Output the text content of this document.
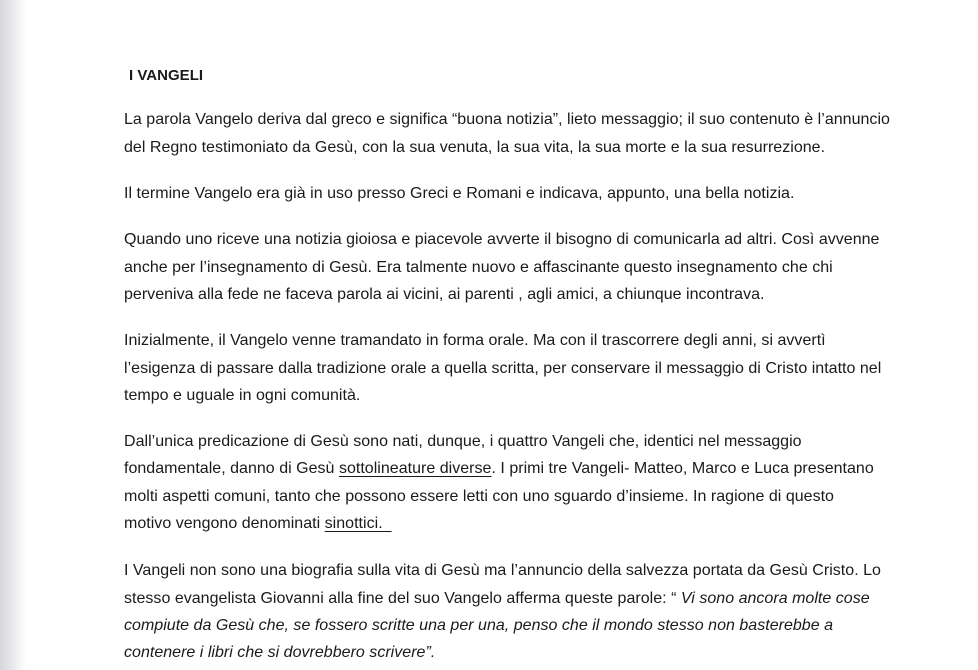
I VANGELI
La parola Vangelo deriva dal greco e significa “buona notizia”, lieto messaggio; il suo contenuto è l’annuncio
del Regno testimoniato da Gesù, con la sua venuta, la sua vita, la sua morte e la sua resurrezione.
Il termine Vangelo era già in uso presso Greci e Romani e indicava, appunto, una bella notizia.
Quando uno riceve una notizia gioiosa e piacevole avverte il bisogno di comunicarla ad altri. Così avvenne
anche per l’insegnamento di Gesù. Era talmente nuovo e affascinante questo insegnamento che chi
perveniva alla fede ne faceva parola ai vicini, ai parenti , agli amici, a chiunque incontrava.
Inizialmente, il Vangelo venne tramandato in forma orale. Ma con il trascorrere degli anni, si avvertì
l’esigenza di passare dalla tradizione orale a quella scritta, per conservare il messaggio di Cristo intatto nel
tempo e uguale in ogni comunità.
Dall’unica predicazione di Gesù sono nati, dunque, i quattro Vangeli che, identici nel messaggio
fondamentale, danno di Gesù sottolineature diverse. I primi tre Vangeli- Matteo, Marco e Luca presentano
molti aspetti comuni, tanto che possono essere letti con uno sguardo d’insieme. In ragione di questo
motivo vengono denominati sinottici.
I Vangeli non sono una biografia sulla vita di Gesù ma l’annuncio della salvezza portata da Gesù Cristo. Lo
stesso evangelista Giovanni alla fine del suo Vangelo afferma queste parole: “ Vi sono ancora molte cose
compiute da Gesù che, se fossero scritte una per una, penso che il mondo stesso non basterebbe a
contenere i libri che si dovrebbero scrivere”.
